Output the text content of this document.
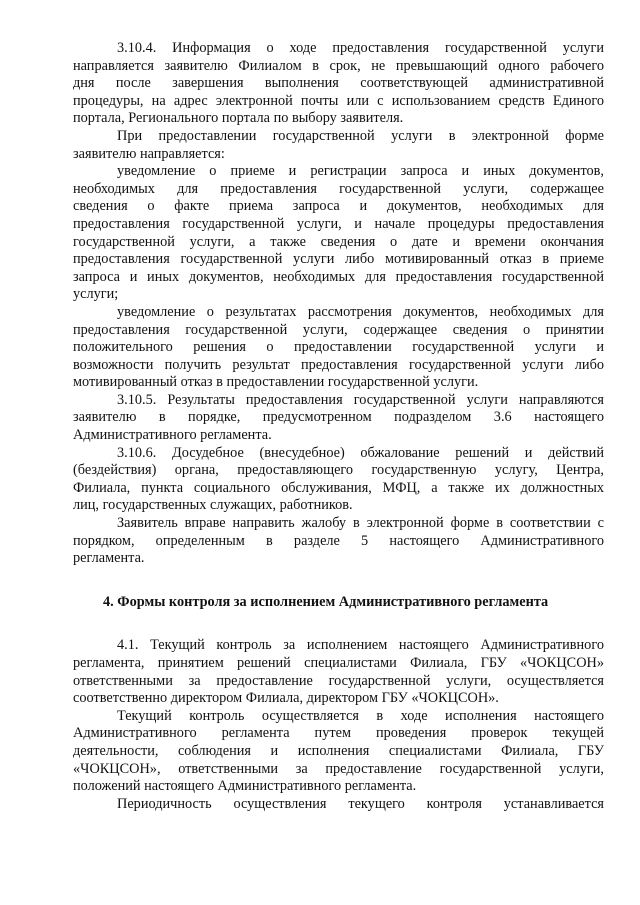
3.10.4. Информация о ходе предоставления государственной услуги
направляется заявителю Филиалом в срок, не превышающий одного рабочего
дня после завершения выполнения соответствующей административной
процедуры, на адрес электронной почты или с использованием средств Единого
портала, Регионального портала по выбору заявителя.
При предоставлении государственной услуги в электронной форме
заявителю направляется:
уведомление о приеме и регистрации запроса и иных документов,
необходимых для предоставления государственной услуги, содержащее
сведения о факте приема запроса и документов, необходимых для
предоставления государственной услуги, и начале процедуры предоставления
государственной услуги, а также сведения о дате и времени окончания
предоставления государственной услуги либо мотивированный отказ в приеме
запроса и иных документов, необходимых для предоставления государственной
услуги;
уведомление о результатах рассмотрения документов, необходимых для
предоставления государственной услуги, содержащее сведения о принятии
положительного решения о предоставлении государственной услуги и
возможности получить результат предоставления государственной услуги либо
мотивированный отказ в предоставлении государственной услуги.
3.10.5. Результаты предоставления государственной услуги направляются
заявителю в порядке, предусмотренном подразделом 3.6 настоящего
Административного регламента.
3.10.6. Досудебное (внесудебное) обжалование решений и действий
(бездействия) органа, предоставляющего государственную услугу, Центра,
Филиала, пункта социального обслуживания, МФЦ, а также их должностных
лиц, государственных служащих, работников.
Заявитель вправе направить жалобу в электронной форме в соответствии с
порядком, определенным в разделе 5 настоящего Административного
регламента.
4. Формы контроля за исполнением Административного регламента
4.1. Текущий контроль за исполнением настоящего Административного
регламента, принятием решений специалистами Филиала, ГБУ «ЧОКЦСОН»
ответственными за предоставление государственной услуги, осуществляется
соответственно директором Филиала, директором ГБУ «ЧОКЦСОН».
Текущий контроль осуществляется в ходе исполнения настоящего
Административного регламента путем проведения проверок текущей
деятельности, соблюдения и исполнения специалистами Филиала, ГБУ
«ЧОКЦСОН», ответственными за предоставление государственной услуги,
положений настоящего Административного регламента.
Периодичность осуществления текущего контроля устанавливается
